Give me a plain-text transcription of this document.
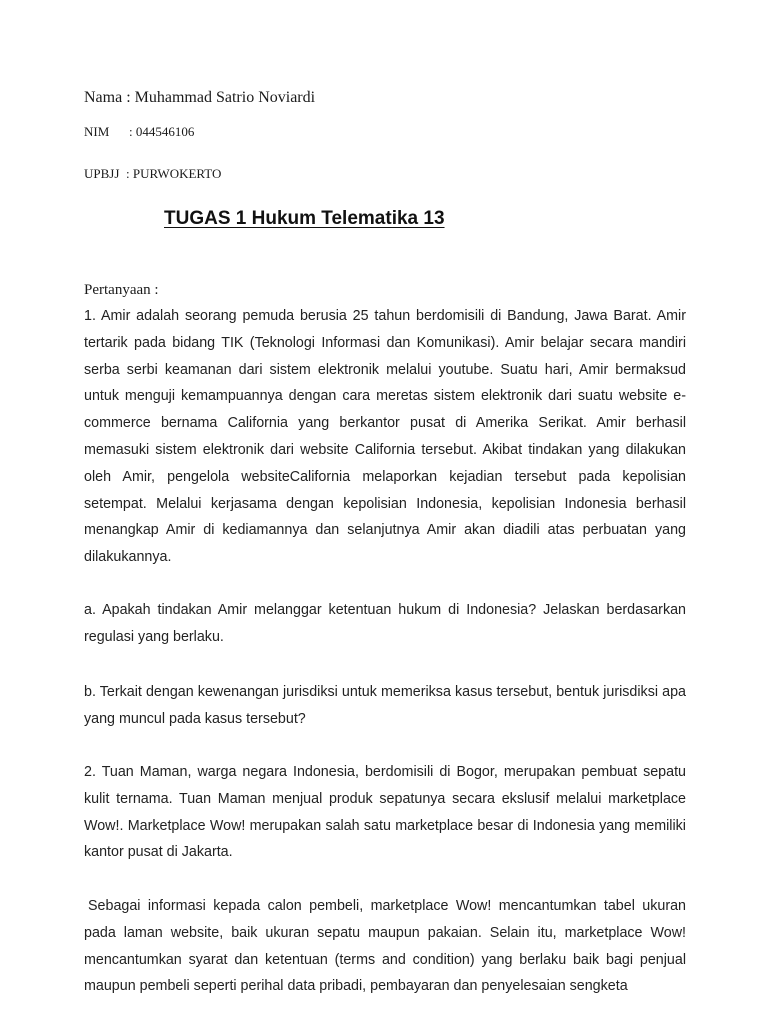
Nama : Muhammad Satrio Noviardi
NIM : 044546106
UPBJJ : PURWOKERTO
TUGAS 1 Hukum Telematika 13
Pertanyaan :

1. Amir adalah seorang pemuda berusia 25 tahun berdomisili di Bandung, Jawa Barat. Amir tertarik pada bidang TIK (Teknologi Informasi dan Komunikasi). Amir belajar secara mandiri serba serbi keamanan dari sistem elektronik melalui youtube. Suatu hari, Amir bermaksud untuk menguji kemampuannya dengan cara meretas sistem elektronik dari suatu website e-commerce bernama California yang berkantor pusat di Amerika Serikat. Amir berhasil memasuki sistem elektronik dari website California tersebut. Akibat tindakan yang dilakukan oleh Amir, pengelola websiteCalifornia melaporkan kejadian tersebut pada kepolisian setempat. Melalui kerjasama dengan kepolisian Indonesia, kepolisian Indonesia berhasil menangkap Amir di kediamannya dan selanjutnya Amir akan diadili atas perbuatan yang dilakukannya.

a. Apakah tindakan Amir melanggar ketentuan hukum di Indonesia? Jelaskan berdasarkan regulasi yang berlaku.

b. Terkait dengan kewenangan jurisdiksi untuk memeriksa kasus tersebut, bentuk jurisdiksi apa yang muncul pada kasus tersebut?

2. Tuan Maman, warga negara Indonesia, berdomisili di Bogor, merupakan pembuat sepatu kulit ternama. Tuan Maman menjual produk sepatunya secara ekslusif melalui marketplace Wow!. Marketplace Wow! merupakan salah satu marketplace besar di Indonesia yang memiliki kantor pusat di Jakarta.

Sebagai informasi kepada calon pembeli, marketplace Wow! mencantumkan tabel ukuran pada laman website, baik ukuran sepatu maupun pakaian. Selain itu, marketplace Wow! mencantumkan syarat dan ketentuan (terms and condition) yang berlaku baik bagi penjual maupun pembeli seperti perihal data pribadi, pembayaran dan penyelesaian sengketa
